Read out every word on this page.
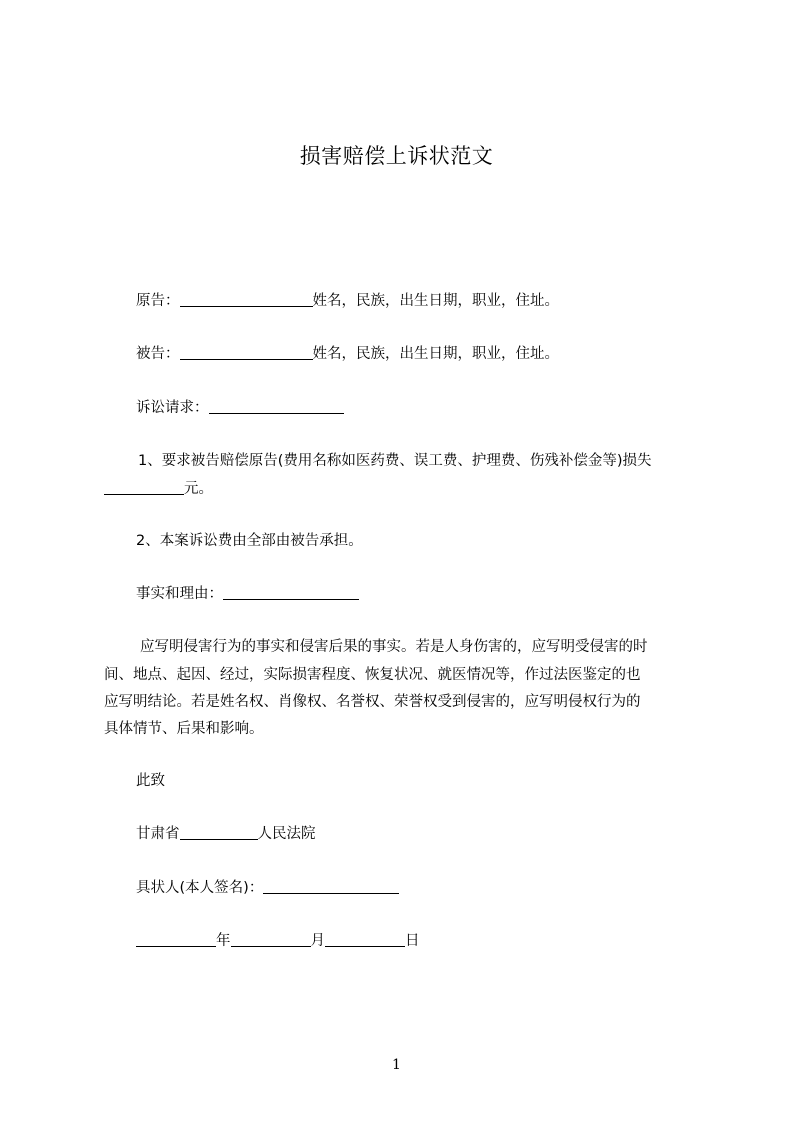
损害赔偿上诉状范文
原告：	姓名，民族，出生日期，职业，住址。
被告：	姓名，民族，出生日期，职业，住址。
诉讼请求：
1、要求被告赔偿原告(费用名称如医药费、误工费、护理费、伤残补偿金等)损失
元。
2、本案诉讼费由全部由被告承担。
事实和理由：
应写明侵害行为的事实和侵害后果的事实。若是人身伤害的，应写明受侵害的时
间、地点、起因、经过，实际损害程度、恢复状况、就医情况等，作过法医鉴定的也
应写明结论。若是姓名权、肖像权、名誉权、荣誉权受到侵害的，应写明侵权行为的
具体情节、后果和影响。
此致
甘肃省	人民法院
具状人(本人签名)：
年	月	日
1
